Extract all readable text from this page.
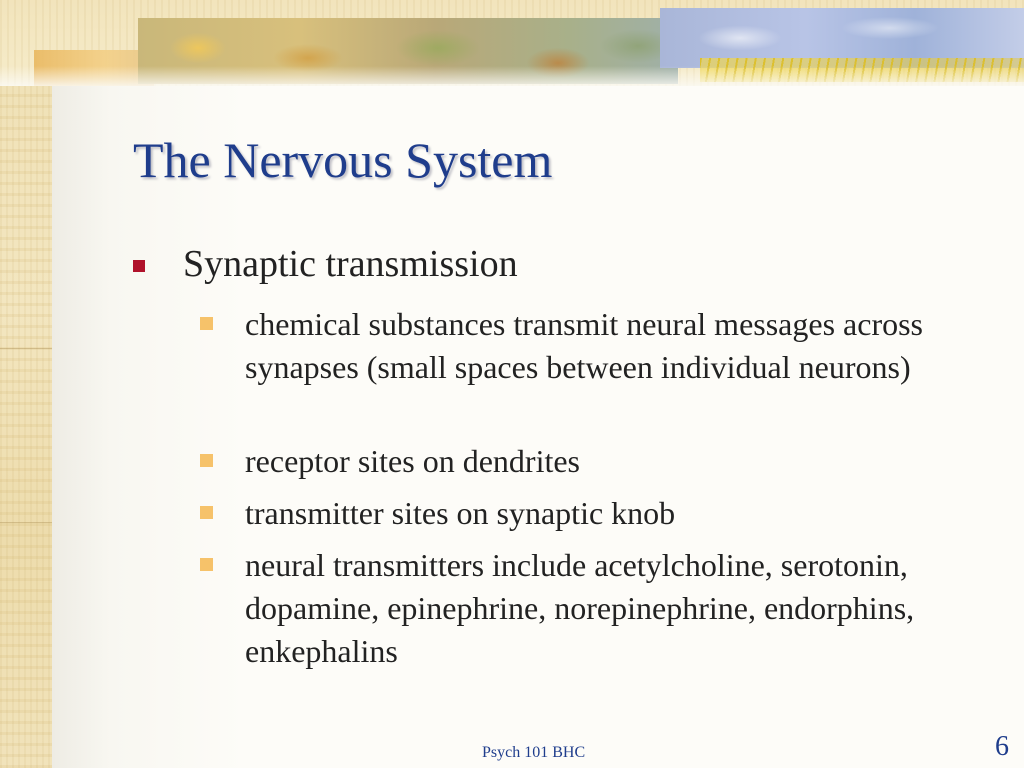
The Nervous System
Synaptic transmission
chemical substances transmit neural messages across synapses (small spaces between individual neurons)
receptor sites on dendrites
transmitter sites on synaptic knob
neural transmitters include acetylcholine, serotonin, dopamine, epinephrine, norepinephrine, endorphins, enkephalins
Psych 101 BHC	6
